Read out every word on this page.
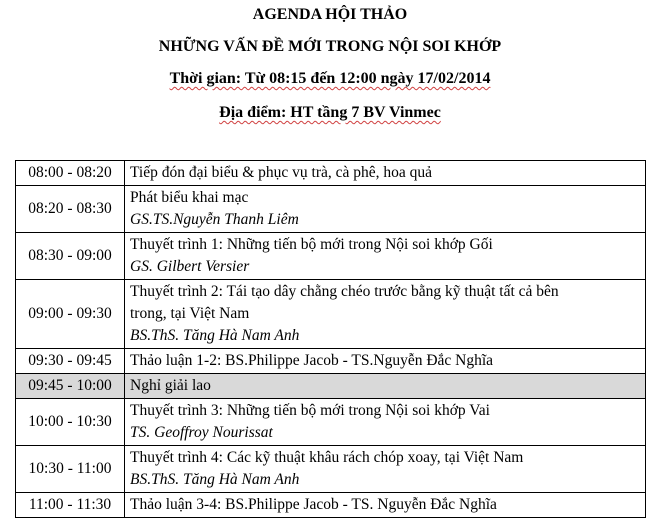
AGENDA HỘI THẢO
NHỮNG VẤN ĐỀ MỚI TRONG NỘI SOI KHỚP
Thời gian: Từ 08:15 đến 12:00 ngày 17/02/2014
Địa điểm: HT tầng 7 BV Vinmec
08:00 - 08:20	Tiếp đón đại biểu & phục vụ trà, cà phê, hoa quả

08:20 - 08:30	Phát biểu khai mạc
GS.TS.Nguyễn Thanh Liêm

08:30 - 09:00	Thuyết trình 1: Những tiến bộ mới trong Nội soi khớp Gối
GS. Gilbert Versier

09:00 - 09:30	Thuyết trình 2: Tái tạo dây chằng chéo trước bằng kỹ thuật tất cả bên
trong, tại Việt Nam
BS.ThS. Tăng Hà Nam Anh

09:30 - 09:45	Thảo luận 1-2: BS.Philippe Jacob - TS.Nguyễn Đắc Nghĩa

09:45 - 10:00	Nghỉ giải lao

10:00 - 10:30	Thuyết trình 3: Những tiến bộ mới trong Nội soi khớp Vai
TS. Geoffroy Nourissat

10:30 - 11:00	Thuyết trình 4: Các kỹ thuật khâu rách chóp xoay, tại Việt Nam
BS.ThS. Tăng Hà Nam Anh

11:00 - 11:30	Thảo luận 3-4: BS.Philippe Jacob - TS. Nguyễn Đắc Nghĩa
